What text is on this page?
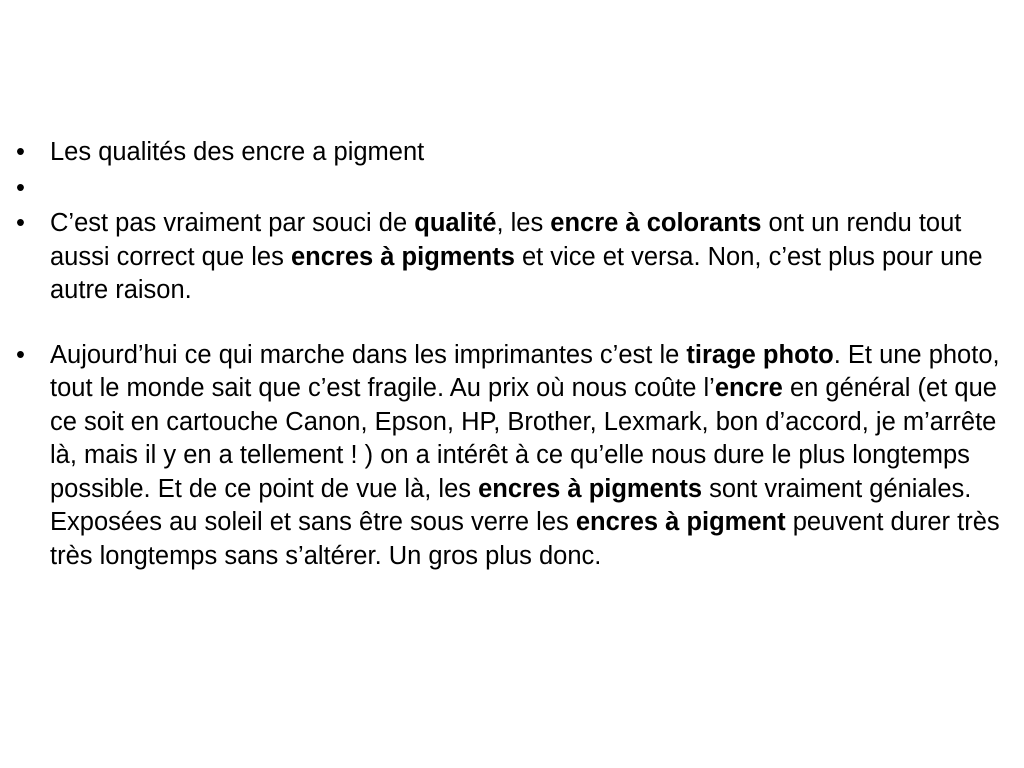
• Les qualités des encre a pigment
•
• C’est pas vraiment par souci de qualité, les encre à colorants ont un rendu tout aussi correct que les encres à pigments et vice et versa. Non, c’est plus pour une autre raison.
• Aujourd’hui ce qui marche dans les imprimantes c’est le tirage photo. Et une photo, tout le monde sait que c’est fragile. Au prix où nous coûte l’encre en général (et que ce soit en cartouche Canon, Epson, HP, Brother, Lexmark, bon d’accord, je m’arrête là, mais il y en a tellement ! ) on a intérêt à ce qu’elle nous dure le plus longtemps possible. Et de ce point de vue là, les encres à pigments sont vraiment géniales. Exposées au soleil et sans être sous verre les encres à pigment peuvent durer très très longtemps sans s’altérer. Un gros plus donc.
